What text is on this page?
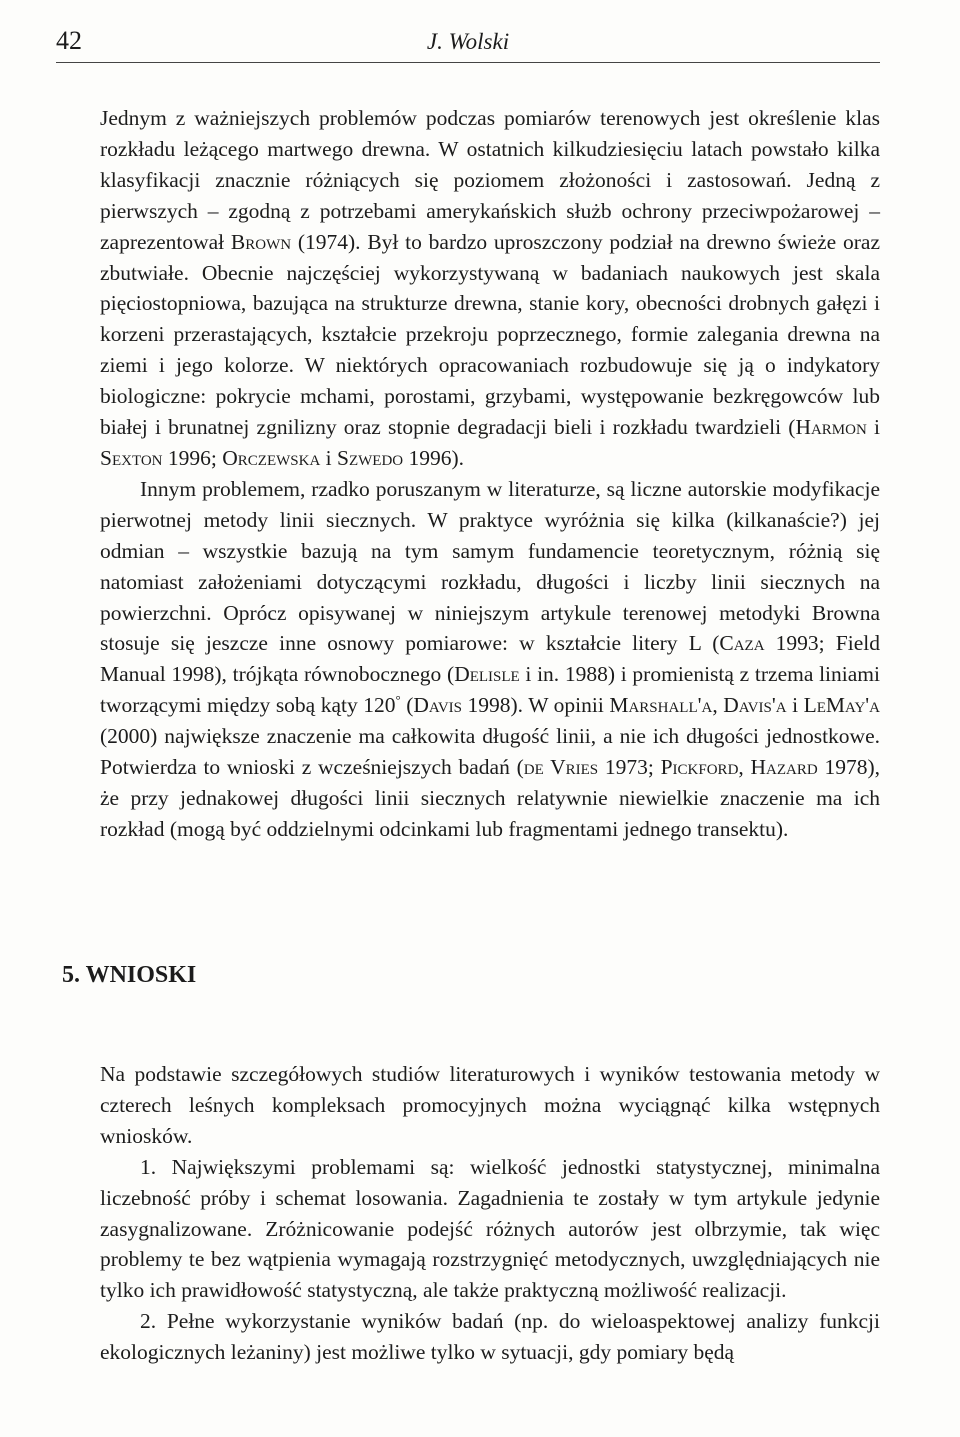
42	J. Wolski

Jednym z ważniejszych problemów podczas pomiarów terenowych jest określenie klas rozkładu leżącego martwego drewna. W ostatnich kilkudziesięciu latach powstało kilka klasyfikacji znacznie różniących się poziomem złożoności i zastosowań. Jedną z pierwszych – zgodną z potrzebami amerykańskich służb ochrony przeciwpożarowej – zaprezentował Brown (1974). Był to bardzo uproszczony podział na drewno świeże oraz zbutwiałe. Obecnie najczęściej wykorzystywaną w badaniach naukowych jest skala pięciostopniowa, bazująca na strukturze drewna, stanie kory, obecności drobnych gałęzi i korzeni przerastających, kształcie przekroju poprzecznego, formie zalegania drewna na ziemi i jego kolorze. W niektórych opracowaniach rozbudowuje się ją o indykatory biologiczne: pokrycie mchami, porostami, grzybami, występowanie bezkręgowców lub białej i brunatnej zgnilizny oraz stopnie degradacji bieli i rozkładu twardzieli (Harmon i Sexton 1996; Orczewska i Szwedo 1996).

Innym problemem, rzadko poruszanym w literaturze, są liczne autorskie modyfikacje pierwotnej metody linii siecznych. W praktyce wyróżnia się kilka (kilkanaście?) jej odmian – wszystkie bazują na tym samym fundamencie teoretycznym, różnią się natomiast założeniami dotyczącymi rozkładu, długości i liczby linii siecznych na powierzchni. Oprócz opisywanej w niniejszym artykule terenowej metodyki Browna stosuje się jeszcze inne osnowy pomiarowe: w kształcie litery L (Caza 1993; Field Manual 1998), trójkąta równobocznego (Delisle i in. 1988) i promienistą z trzema liniami tworzącymi między sobą kąty 120° (Davis 1998). W opinii Marshall'a, Davis'a i LeMay'a (2000) największe znaczenie ma całkowita długość linii, a nie ich długości jednostkowe. Potwierdza to wnioski z wcześniejszych badań (de Vries 1973; Pickford, Hazard 1978), że przy jednakowej długości linii siecznych relatywnie niewielkie znaczenie ma ich rozkład (mogą być oddzielnymi odcinkami lub fragmentami jednego transektu).

5. WNIOSKI

Na podstawie szczegółowych studiów literaturowych i wyników testowania metody w czterech leśnych kompleksach promocyjnych można wyciągnąć kilka wstępnych wniosków.

1. Największymi problemami są: wielkość jednostki statystycznej, minimalna liczebność próby i schemat losowania. Zagadnienia te zostały w tym artykule jedynie zasygnalizowane. Zróżnicowanie podejść różnych autorów jest olbrzymie, tak więc problemy te bez wątpienia wymagają rozstrzygnięć metodycznych, uwzględniających nie tylko ich prawidłowość statystyczną, ale także praktyczną możliwość realizacji.

2. Pełne wykorzystanie wyników badań (np. do wieloaspektowej analizy funkcji ekologicznych leżaniny) jest możliwe tylko w sytuacji, gdy pomiary będą
